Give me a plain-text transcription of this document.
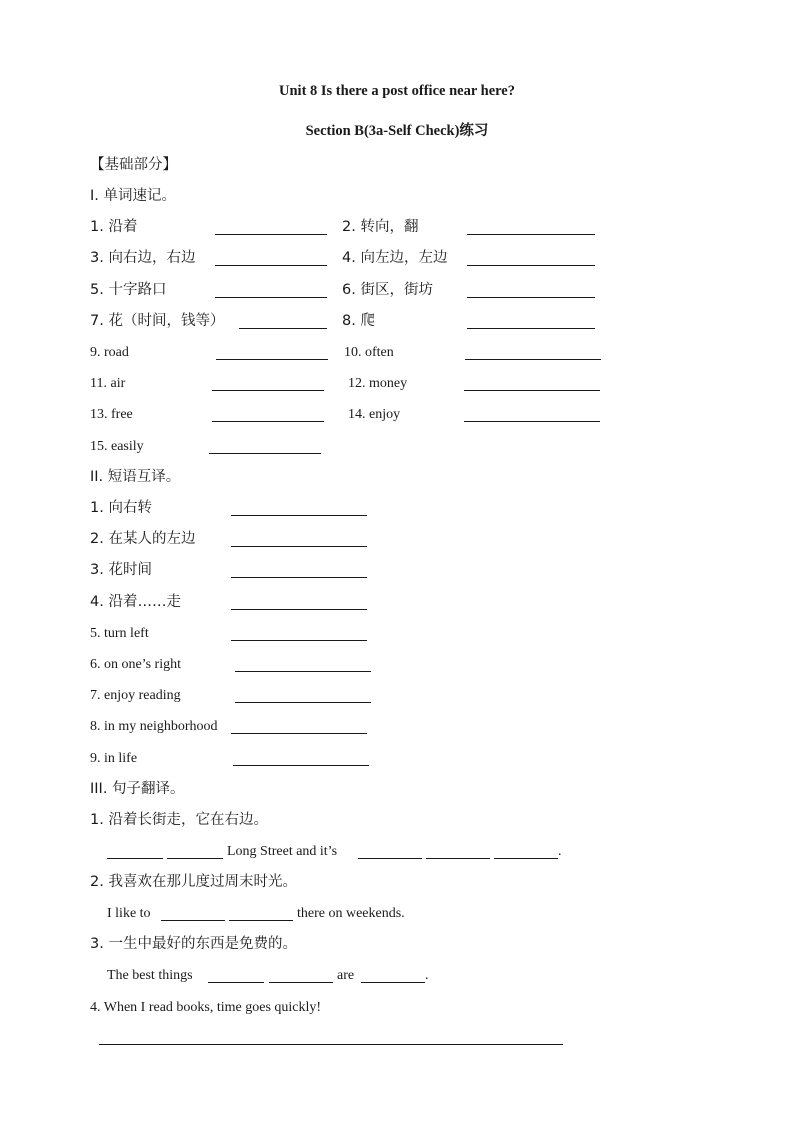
Unit 8 Is there a post office near here?
Section B(3a-Self Check)练习
【基础部分】
I. 单词速记。
1. 沿着	2. 转向，翻
3. 向右边，右边	4. 向左边，左边
5. 十字路口	6. 街区，街坊
7. 花（时间，钱等）	8. 爬
9. road	10. often
11. air	12. money
13. free	14. enjoy
15. easily
II. 短语互译。
1. 向右转
2. 在某人的左边
3. 花时间
4. 沿着……走
5. turn left
6. on one’s right
7. enjoy reading
8. in my neighborhood
9. in life
III. 句子翻译。
1. 沿着长街走，它在右边。
Long Street and it’s	.
2. 我喜欢在那儿度过周末时光。
I like to	there on weekends.
3. 一生中最好的东西是免费的。
The best things	are	.
4. When I read books, time goes quickly!
